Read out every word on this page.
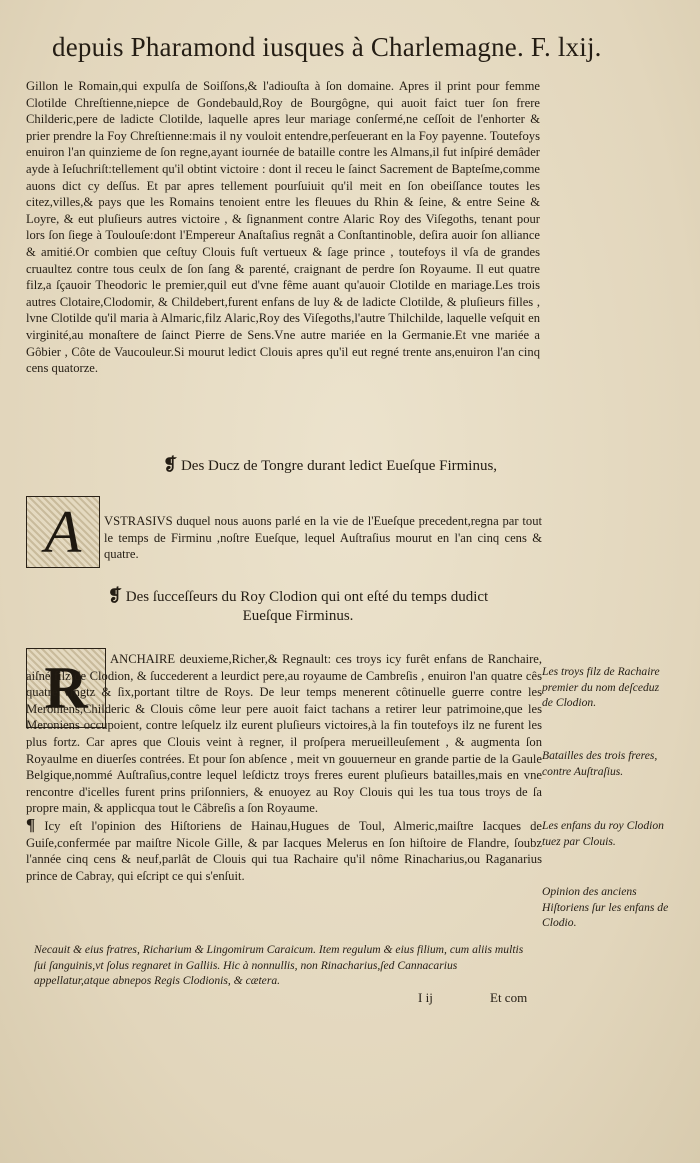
depuis Pharamond iusques à Charlemagne. F. lxij.
Gillon le Romain,qui expulſa de Soiſſons,& l'adiouſta à ſon domaine. Apres il print pour femme Clotilde Chreſtienne,niepce de Gondebauld,Roy de Bourgôgne, qui auoit faict tuer ſon frere Childeric,pere de ladicte Clotilde, laquelle apres leur mariage conſermé,ne ceſſoit de l'enhorter & prier prendre la Foy Chreſtienne:mais il ny vouloit entendre,perſeuerant en la Foy payenne. Toutefoys enuiron l'an quinzieme de ſon regne,ayant iournée de bataille contre les Almans,il fut inſpiré demâder ayde à Ieſuchriſt:tellement qu'il obtint victoire : dont il receu le ſainct Sacrement de Bapteſme,comme auons dict cy deſſus. Et par apres tellement pourſuiuit qu'il meit en ſon obeiſſance toutes les citez,villes,& pays que les Romains tenoient entre les fleuues du Rhin & ſeine, & entre Seine & Loyre, & eut pluſieurs autres victoire , & ſignanment contre Alaric Roy des Viſegoths, tenant pour lors ſon ſiege à Toulouſe:dont l'Empereur Anaſtaſius regnât a Conſtantinoble, deſira auoir ſon alliance & amitié.Or combien que ceſtuy Clouis fuſt vertueux & ſage prince , toutefoys il vſa de grandes cruaultez contre tous ceulx de ſon ſang & parenté, craignant de perdre ſon Royaume. Il eut quatre filz,a ſçauoir Theodoric le premier,quil eut d'vne fême auant qu'auoir Clotilde en mariage.Les trois autres Clotaire,Clodomir, & Childebert,furent enfans de luy & de ladicte Clotilde, & pluſieurs filles , lvne Clotilde qu'il maria à Almaric,filz Alaric,Roy des Viſegoths,l'autre Thilchilde, laquelle veſquit en virginité,au monaſtere de ſainct Pierre de Sens.Vne autre mariée en la Germanie.Et vne mariée a Gôbier , Côte de Vaucouleur.Si mourut ledict Clouis apres qu'il eut regné trente ans,enuiron l'an cinq cens quatorze.
❡ Des Ducz de Tongre durant ledict Eueſque Firminus,
A	VSTRASIVS duquel nous auons parlé en la vie de l'Eueſque precedent,regna par tout le temps de Firminu ,noſtre Eueſque, lequel Auſtraſius mourut en l'an cinq cens & quatre.
❡ Des ſucceſſeurs du Roy Clodion qui ont eſté du temps dudict Eueſque Firminus.
R	ANCHAIRE deuxieme,Richer,& Regnault: ces troys icy furêt enfans de Ranchaire, aiſné filz de Clodion, & ſuccederent a leurdict pere,au royaume de Cambreſis , enuiron l'an quatre cês quatre vingtz & ſix,portant tiltre de Roys. De leur temps menerent côtinuelle guerre contre les Meroniens,Childeric & Clouis côme leur pere auoit faict tachans a retirer leur patrimoine,que les Meroniens occupoient, contre leſquelz ilz eurent pluſieurs victoires,à la fin toutefoys ilz ne furent les plus fortz. Car apres que Clouis veint à regner, il proſpera merueilleuſement , & augmenta ſon Royaulme en diuerſes contrées. Et pour ſon abſence , meit vn gouuerneur en grande partie de la Gaule Belgique,nommé Auſtraſius,contre lequel leſdictz troys freres eurent pluſieurs batailles,mais en vne rencontre d'icelles furent prins priſonniers, & enuoyez au Roy Clouis qui les tua tous troys de ſa propre main, & applicqua tout le Câbreſis a ſon Royaume.
¶ Icy eſt l'opinion des Hiſtoriens de Hainau,Hugues de Toul, Almeric,maiſtre Iacques de Guiſe,confermée par maiſtre Nicole Gille, & par Iacques Melerus en ſon hiſtoire de Flandre, ſoubz l'année cinq cens & neuf,parlât de Clouis qui tua Rachaire qu'il nôme Rinacharius,ou Raganarius prince de Cabray, qui eſcript ce qui s'enſuit.
Necauit & eius fratres, Richarium & Lingomirum Caraicum. Item regulum & eius filium, cum aliis multis ſui ſanguinis,vt ſolus regnaret in Galliis. Hic à nonnullis, non Rinacharius,ſed Cannacarius appellatur,atque abnepos Regis Clodionis, & cætera.
I ij	Et com
Les troys filz de Rachaire premier du nom deſceduz de Clodion.
Batailles des trois freres, contre Auſtraſius.
Les enfans du roy Clodion tuez par Clouis.
Opinion des anciens Hiſtoriens ſur les enfans de Clodio.
